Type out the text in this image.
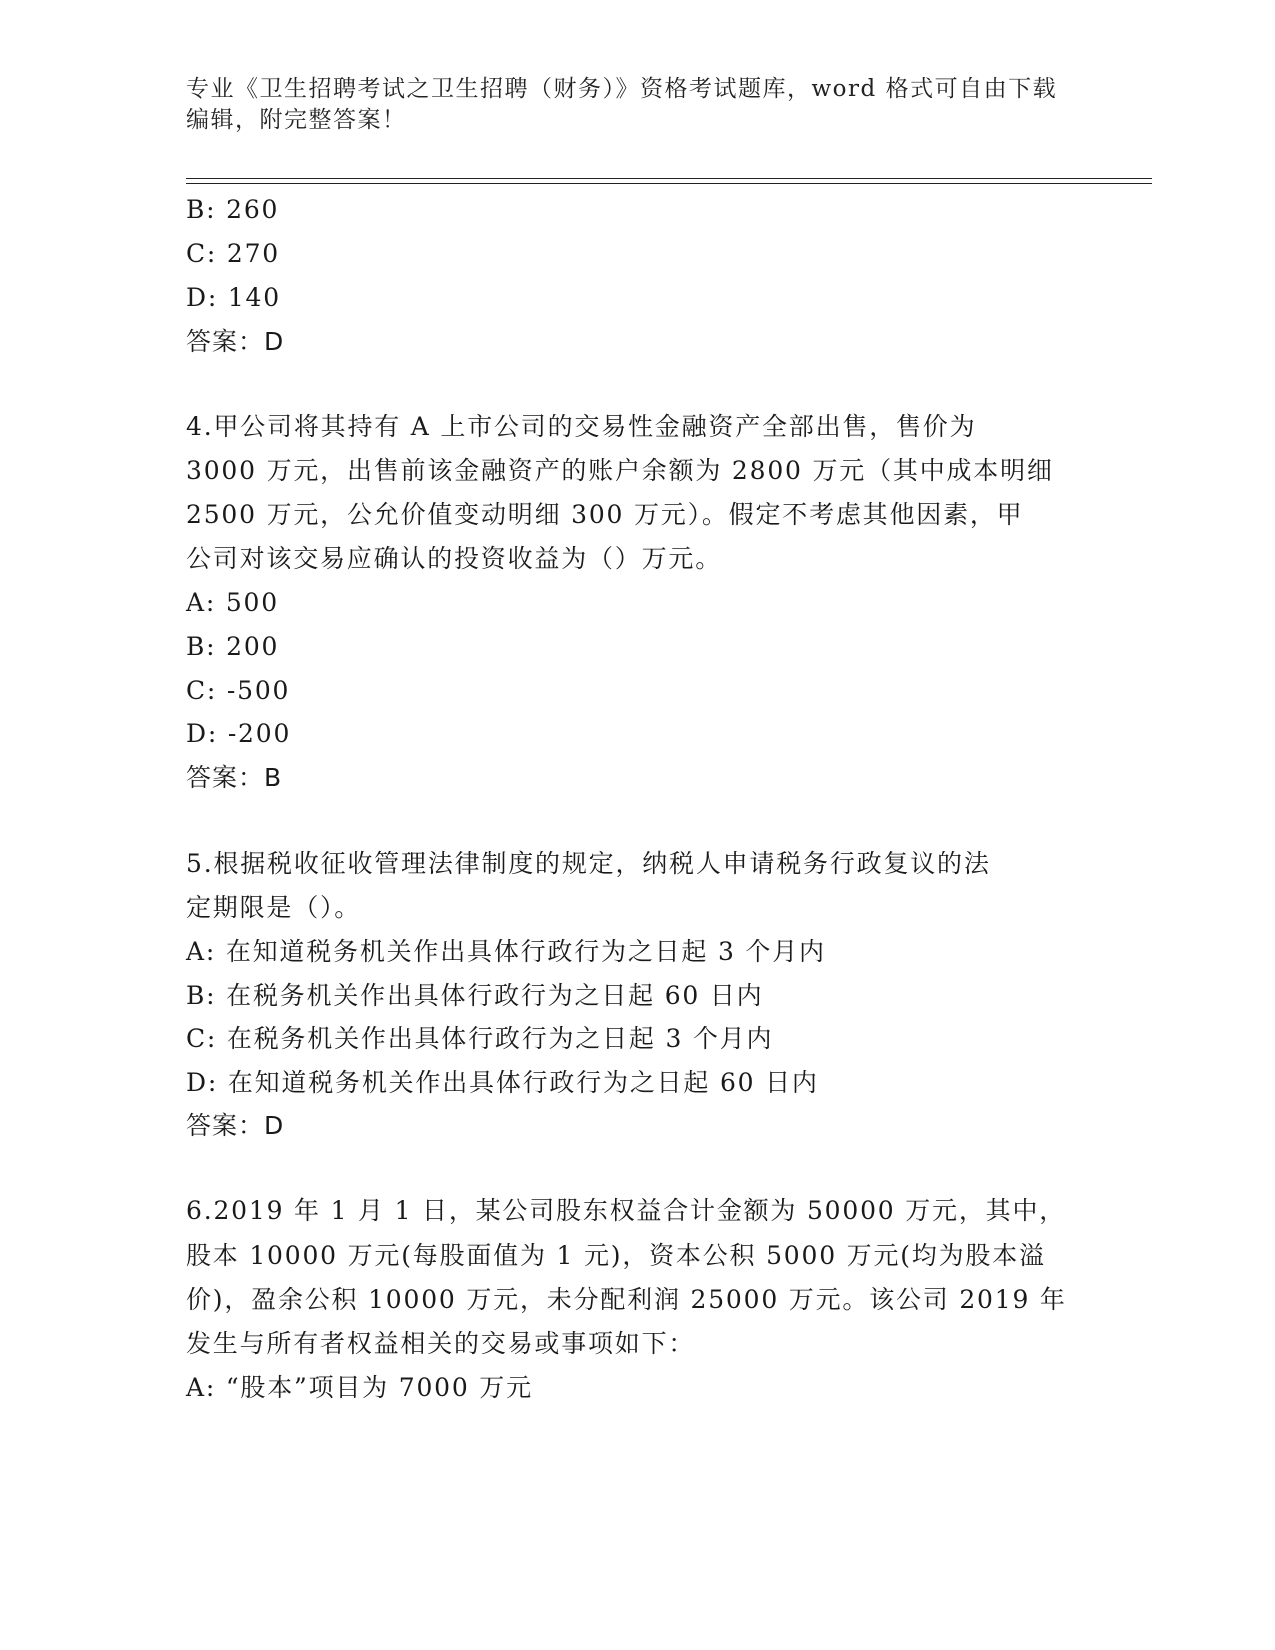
专业《卫生招聘考试之卫生招聘（财务）》资格考试题库，word 格式可自由下载
编辑，附完整答案！
B: 260
C: 270
D: 140
答案：D
4.甲公司将其持有 A 上市公司的交易性金融资产全部出售，售价为
3000 万元，出售前该金融资产的账户余额为 2800 万元（其中成本明细
2500 万元，公允价值变动明细 300 万元）。假定不考虑其他因素，甲
公司对该交易应确认的投资收益为（）万元。
A: 500
B: 200
C: -500
D: -200
答案：B
5.根据税收征收管理法律制度的规定，纳税人申请税务行政复议的法
定期限是（）。
A: 在知道税务机关作出具体行政行为之日起 3 个月内
B: 在税务机关作出具体行政行为之日起 60 日内
C: 在税务机关作出具体行政行为之日起 3 个月内
D: 在知道税务机关作出具体行政行为之日起 60 日内
答案：D
6.2019 年 1 月 1 日，某公司股东权益合计金额为 50000 万元，其中，
股本 10000 万元(每股面值为 1 元)，资本公积 5000 万元(均为股本溢
价)，盈余公积 10000 万元，未分配利润 25000 万元。该公司 2019 年
发生与所有者权益相关的交易或事项如下：
A: “股本”项目为 7000 万元
